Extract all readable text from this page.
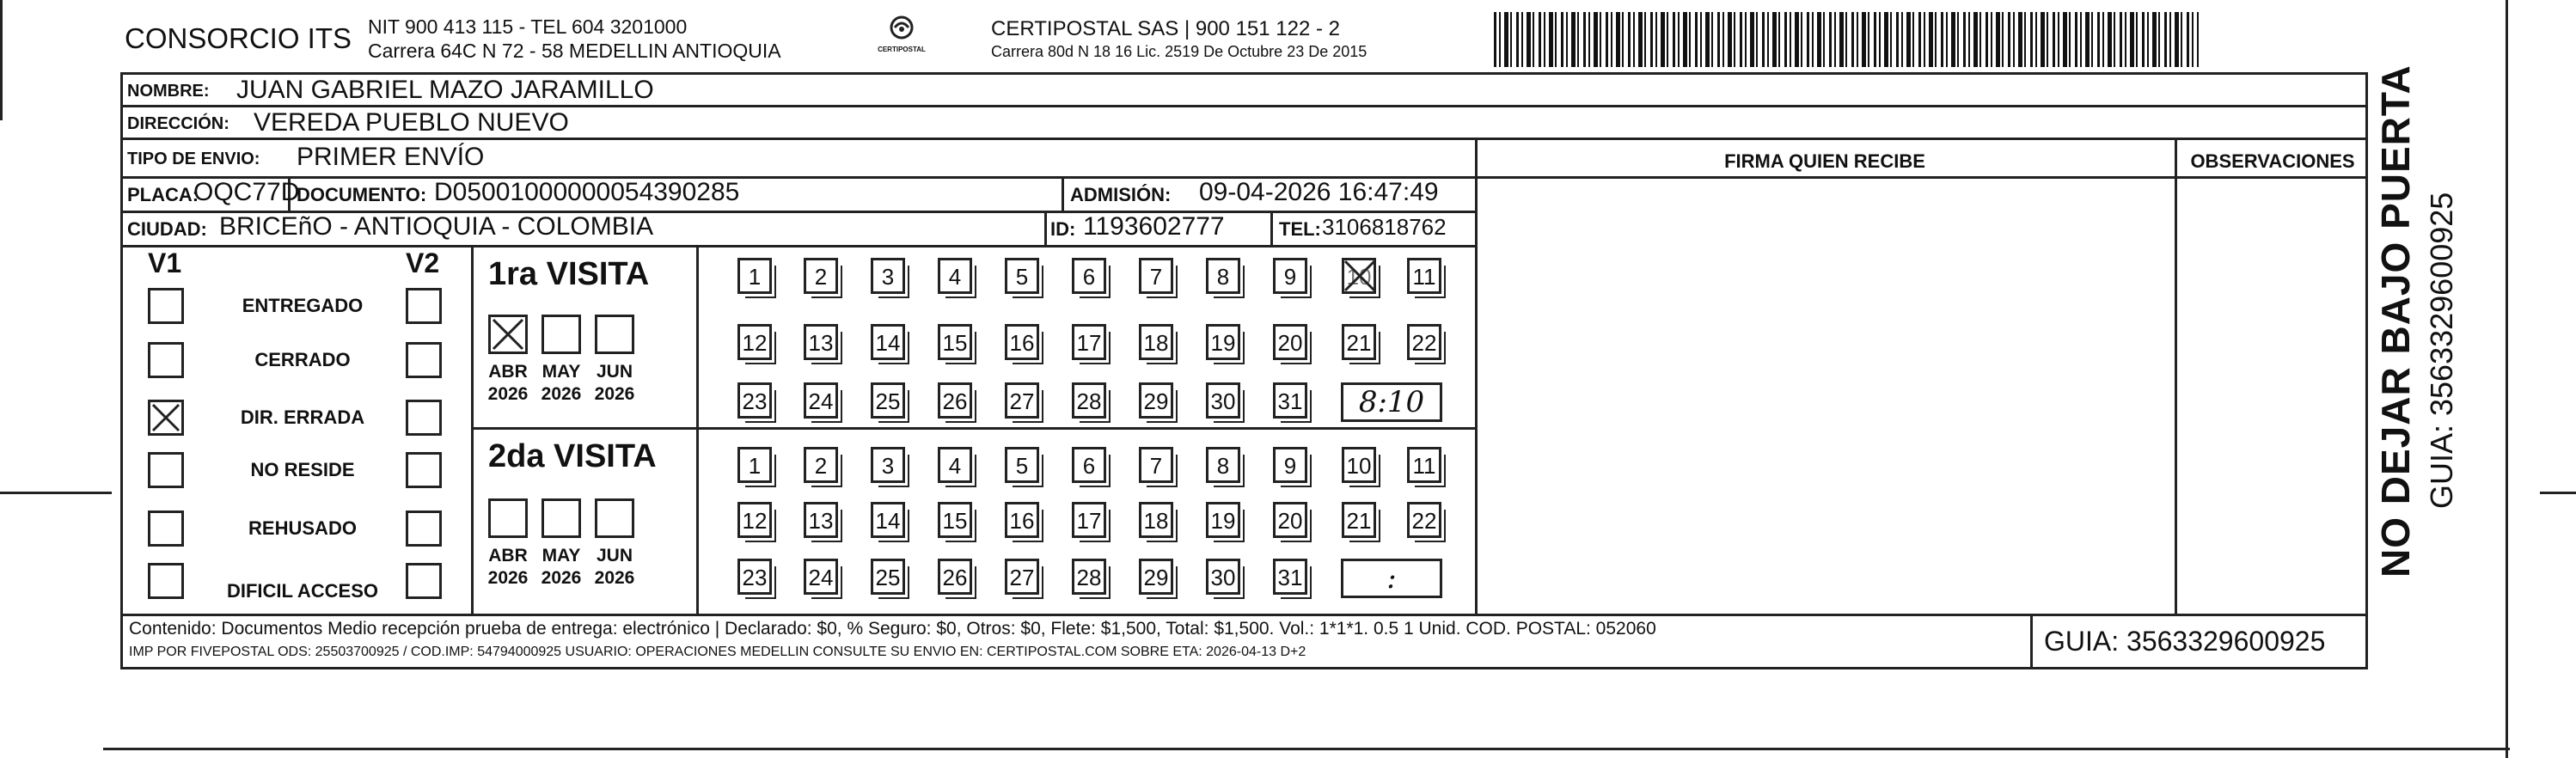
CONSORCIO ITS NIT 900 413 115 - TEL 604 3201000
Carrera 64C N 72 - 58 MEDELLIN ANTIOQUIA	CERTIPOSTAL
CERTIPOSTAL SAS | 900 151 122 - 2
Carrera 80d N 18 16 Lic. 2519 De Octubre 23 De 2015
NOMBRE: JUAN GABRIEL MAZO JARAMILLO
DIRECCIÓN: VEREDA PUEBLO NUEVO
TIPO DE ENVIO: PRIMER ENVÍO	FIRMA QUIEN RECIBE	OBSERVACIONES
PLACA:
OQC77D
DOCUMENTO: D05001000000054390285	ADMISIÓN: 09-04-2026 16:47:49
CIUDAD: BRICEñO - ANTIOQUIA - COLOMBIA	ID: 1193602777	TEL: 3106818762
V1	V2
ENTREGADO
CERRADO
DIR. ERRADA
NO RESIDE
REHUSADO
DIFICIL ACCESO
1ra VISITA
2da VISITA
ABR
2026
MAY
2026
JUN
2026
ABR
2026
MAY
2026
JUN
2026
1	2	3	4	5	6	7	8	9	10 11
12 13 14 15 16 17 18 19 20 21 22
23 24 25 26 27 28 29 30 31	8:10
1	2	3	4	5	6	7	8	9	10 11
12 13 14 15 16 17 18 19 20 21 22
23 24 25 26 27 28 29 30 31	:
Contenido: Documentos Medio recepción prueba de entrega: electrónico | Declarado: $0, % Seguro: $0, Otros: $0, Flete: $1,500, Total: $1,500. Vol.: 1*1*1. 0.5 1 Unid. COD. POSTAL: 052060
IMP POR FIVEPOSTAL ODS: 25503700925 / COD.IMP: 54794000925 USUARIO: OPERACIONES MEDELLIN CONSULTE SU ENVIO EN: CERTIPOSTAL.COM SOBRE ETA: 2026-04-13 D+2	GUIA: 3563329600925
NO DEJAR BAJO PUERTA GUIA: 3563329600925
